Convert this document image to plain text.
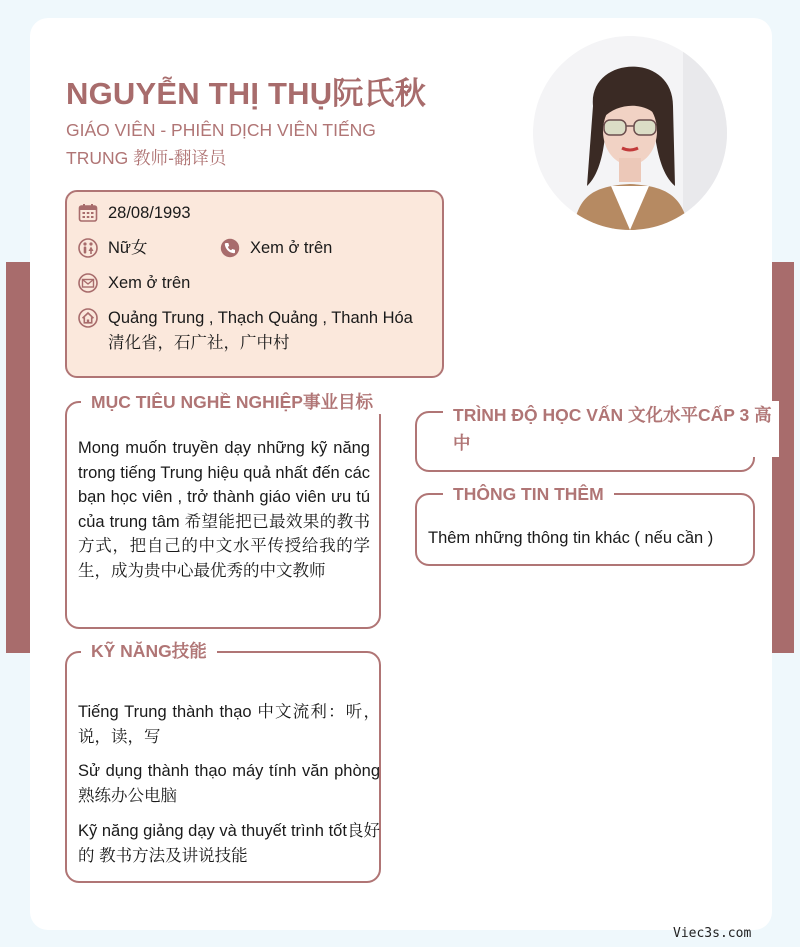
NGUYỄN THỊ THỤ阮氏秋
GIÁO VIÊN - PHIÊN DỊCH VIÊN TIẾNG
TRUNG 教师-翻译员
28/08/1993
Nữ女	Xem ở trên
Xem ở trên
Quảng Trung , Thạch Quảng , Thanh Hóa 清化省，石广社，广中村
Mong muốn truyền dạy những kỹ năng trong tiếng Trung hiệu quả nhất đến các bạn học viên , trở thành giáo viên ưu tú của trung tâm 希望能把已最效果的教书方式，把自己的中文水平传授给我的学生，成为贵中心最优秀的中文教师
MỤC TIÊU NGHỀ NGHIỆP事业目标
Tiếng Trung thành thạo 中文流利：听，说，读，写
Sử dụng thành thạo máy tính văn phòng 熟练办公电脑
Kỹ năng giảng dạy và thuyết trình tốt良好的 教书方法及讲说技能
KỸ NĂNG技能
TRÌNH ĐỘ HỌC VẤN 文化水平CẤP 3 高中
Thêm những thông tin khác ( nếu cần )
THÔNG TIN THÊM
Viec3s.com
